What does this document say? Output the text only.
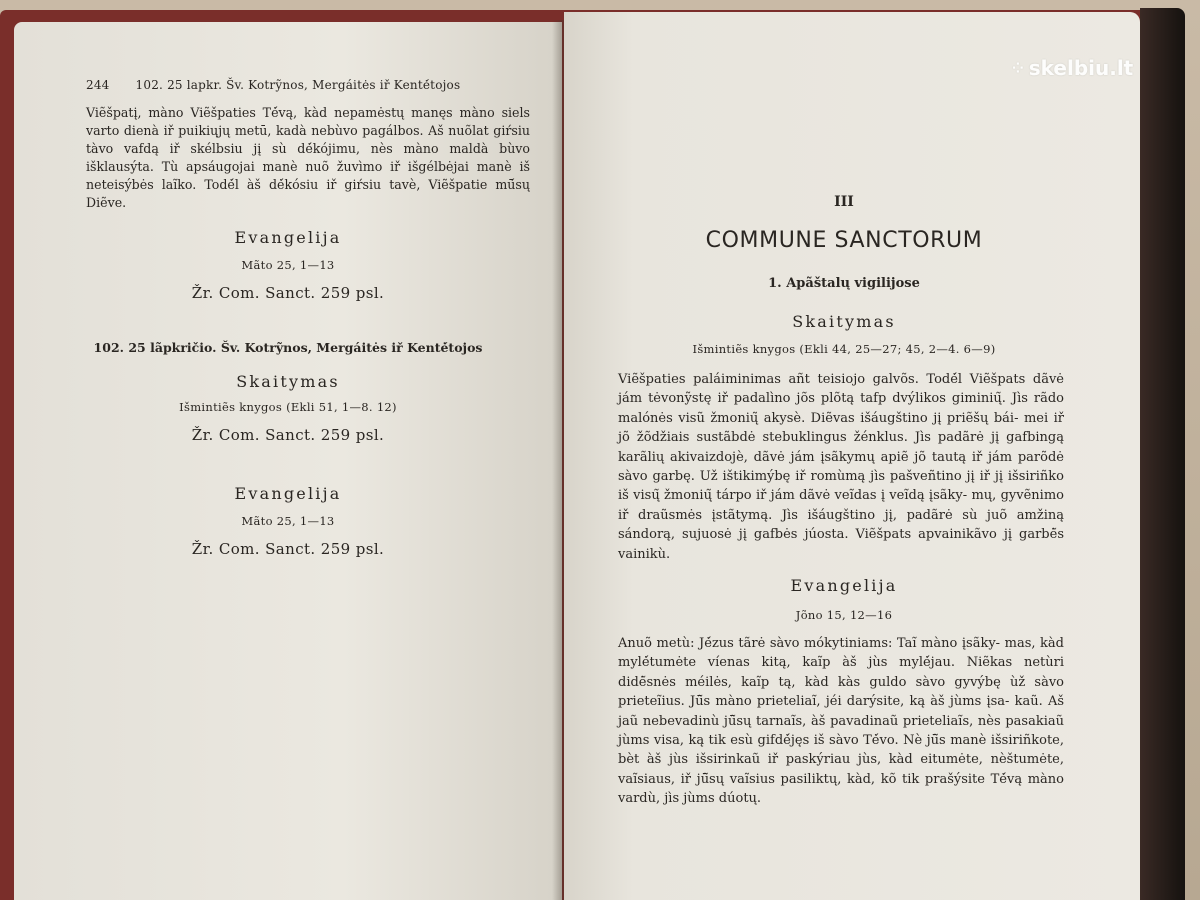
244 102. 25 lapkr. Šv. Kotrỹnos, Mergáitės iř Kentė́tojos
Viẽšpatį, màno Viẽšpaties Tė́vą, kàd nepamėstų manęs màno siels varto dienà iř puikiųjų metū, kadà nebùvo pagálbos. Aš nuõlat giŕsiu tàvo vafdą iř skélbsiu jį sù dė́kójimu, nès màno maldà bùvo išklausýta. Tù apsáugojai manè nuõ žuvìmo iř išgélbėjai manè iš neteisýbės laĩko. Todė́l àš dė́kósiu iř giŕsiu tavè, Viẽšpatie mū́sų Diẽve.
Evangelija
Mãto 25, 1—13
Žr. Com. Sanct. 259 psl.
102. 25 lãpkričio. Šv. Kotrỹnos, Mergáitės iř Kentė́tojos
Skaitymas
Išmintiẽs knygos (Ekli 51, 1—8. 12)
Žr. Com. Sanct. 259 psl.
Evangelija
Mãto 25, 1—13
Žr. Com. Sanct. 259 psl.
III
COMMUNE SANCTORUM
1. Apãštalų vigilijose
Skaitymas
Išmintiẽs knygos (Ekli 44, 25—27; 45, 2—4. 6—9)
Viẽšpaties paláiminimas añt teisiojo galvõs. Todė́l Viẽšpats dãvė jám tėvonỹstę iř padalìno jõs plõtą tafp dvýlikos giminių̃. Jìs rãdo malónės visũ žmonių̃ akysè. Diẽvas išáugštino jį priẽšų bái- mei iř jõ žõdžiais sustãbdė stebuklingus žénklus. Jìs padãrė jį gafbingą karãlių akivaizdojè, dãvė jám įsãkymų apiẽ jõ tautą iř jám parõdė sàvo garbę. Už ištikimýbę iř romùmą jìs pašveñtino jį iř jį išsiriñko iš visų̃ žmonių̃ tárpo iř jám dãvė veĩdas į veĩdą įsãky- mų, gyvẽnimo iř draũsmės įstãtymą. Jìs išáugštino jį, padãrė sù juõ amžiną sándorą, sujuosė jį gafbės júosta. Viẽšpats apvainikãvo jį garbė̃s vainikù.
Evangelija
Jõno 15, 12—16
Anuõ metù: Jė́zus tãrė sàvo mókytiniams: Taĩ màno įsãky- mas, kàd mylė́tumėte víenas kitą, kaĩp àš jùs mylė́jau. Niẽkas netùri didė̃snės méilės, kaĩp tą, kàd kàs guldo sàvo gyvýbę ùž sàvo prieteĩius. Jū̃s màno prieteliaĩ, jéi darýsite, ką àš jùms įsa- kaũ. Aš jaũ nebevadinù jū̃sų tarnaĩs, àš pavadinaũ prieteliaĩs, nès pasakiaũ jùms visa, ką tik esù gifdė́jęs iš sàvo Tė́vo. Nè jū̃s manè išsiriñkote, bèt àš jùs išsirinkaũ iř paskýriau jùs, kàd eitumėte, nèštumėte, vaĩsiaus, iř jū̃sų vaĩsius pasiliktų, kàd, kõ tik prašýsite Tė́vą màno vardù, jìs jùms dúotų.
⁘ skelbiu.lt
